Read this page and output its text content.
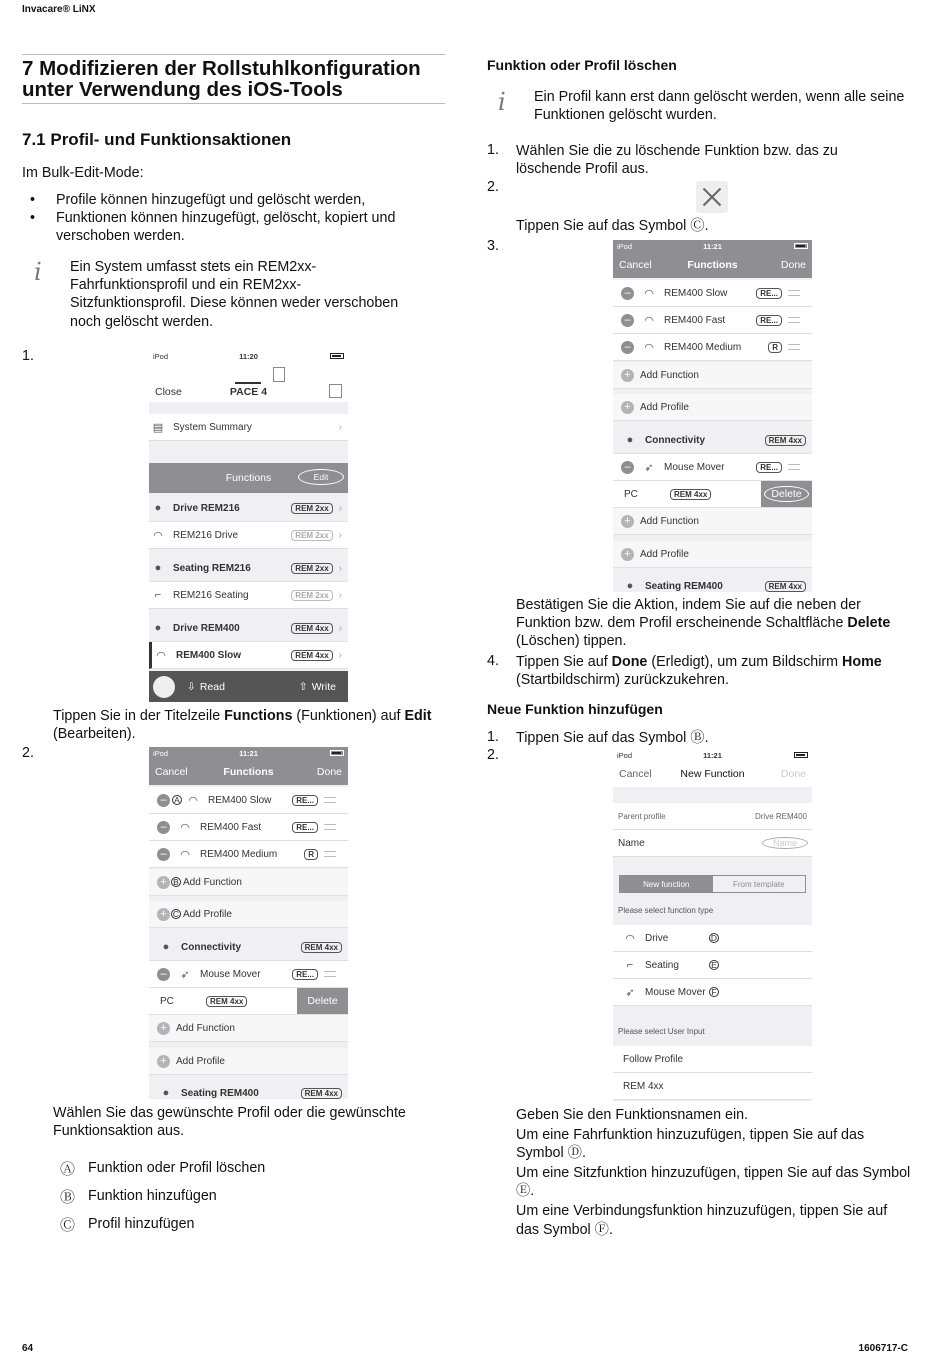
Invacare® LiNX
64	1606717-C
7 Modifizieren der Rollstuhlkonfiguration unter Verwendung des iOS-Tools
7.1 Profil- und Funktionsaktionen
Im Bulk-Edit-Mode:
• Profile können hinzugefügt und gelöscht werden,
• Funktionen können hinzugefügt, gelöscht, kopiert und verschoben werden.
i Ein System umfasst stets ein REM2xx-Fahrfunktionsprofil und ein REM2xx-Sitzfunktionsprofil. Diese können weder verschoben noch gelöscht werden.
1.	iPod	11:20
Close	PACE 4
▤ System Summary	›
Functions	Edit
●	Drive REM216	REM 2xx	›
◠	REM216 Drive	REM 2xx	›
●	Seating REM216	REM 2xx	›
⌐	REM216 Seating	REM 2xx	›
●	Drive REM400	REM 4xx	›
◠	REM400 Slow	REM 4xx	›
⇩ Read	⇧ Write
Tippen Sie in der Titelzeile Functions (Funktionen) auf Edit (Bearbeiten).
2.	iPod	11:21
Cancel	Functions	Done
– A ◠	REM400 Slow	RE...
–	◠	REM400 Fast	RE...
–	◠	REM400 Medium	R
+ B Add Function
+ C Add Profile
●	Connectivity	REM 4xx
–	➶	Mouse Mover	RE...
PC	REM 4xx	Delete
+ Add Function
+ Add Profile
●	Seating REM400	REM 4xx
Wählen Sie das gewünschte Profil oder die gewünschte Funktionsaktion aus.
Ⓐ Funktion oder Profil löschen
Ⓑ Funktion hinzufügen
Ⓒ Profil hinzufügen
Funktion oder Profil löschen
i Ein Profil kann erst dann gelöscht werden, wenn alle seine Funktionen gelöscht wurden.
1. Wählen Sie die zu löschende Funktion bzw. das zu löschende Profil aus.
2.
Tippen Sie auf das Symbol Ⓒ.
3.	iPod	11:21
Cancel	Functions	Done
–	◠	REM400 Slow	RE...
–	◠	REM400 Fast	RE...
–	◠	REM400 Medium	R
+ Add Function
+ Add Profile
●	Connectivity	REM 4xx
–	➶	Mouse Mover	RE...
PC	REM 4xx	Delete
+ Add Function
+ Add Profile
●	Seating REM400	REM 4xx
Bestätigen Sie die Aktion, indem Sie auf die neben der Funktion bzw. dem Profil erscheinende Schaltfläche Delete (Löschen) tippen.
4. Tippen Sie auf Done (Erledigt), um zum Bildschirm Home (Startbildschirm) zurückzukehren.
Neue Funktion hinzufügen
1. Tippen Sie auf das Symbol Ⓑ.
2.	iPod	11:21
Cancel	New Function	Done
Parent profile	Drive REM400
Name	Name
New function	From template
Please select function type
◠	Drive	D
⌐	Seating	E
➶	Mouse Mover F
Please select User Input
Follow Profile
REM 4xx
Geben Sie den Funktionsnamen ein.
Um eine Fahrfunktion hinzuzufügen, tippen Sie auf das Symbol Ⓓ.
Um eine Sitzfunktion hinzuzufügen, tippen Sie auf das Symbol Ⓔ.
Um eine Verbindungsfunktion hinzuzufügen, tippen Sie auf das Symbol Ⓕ.
